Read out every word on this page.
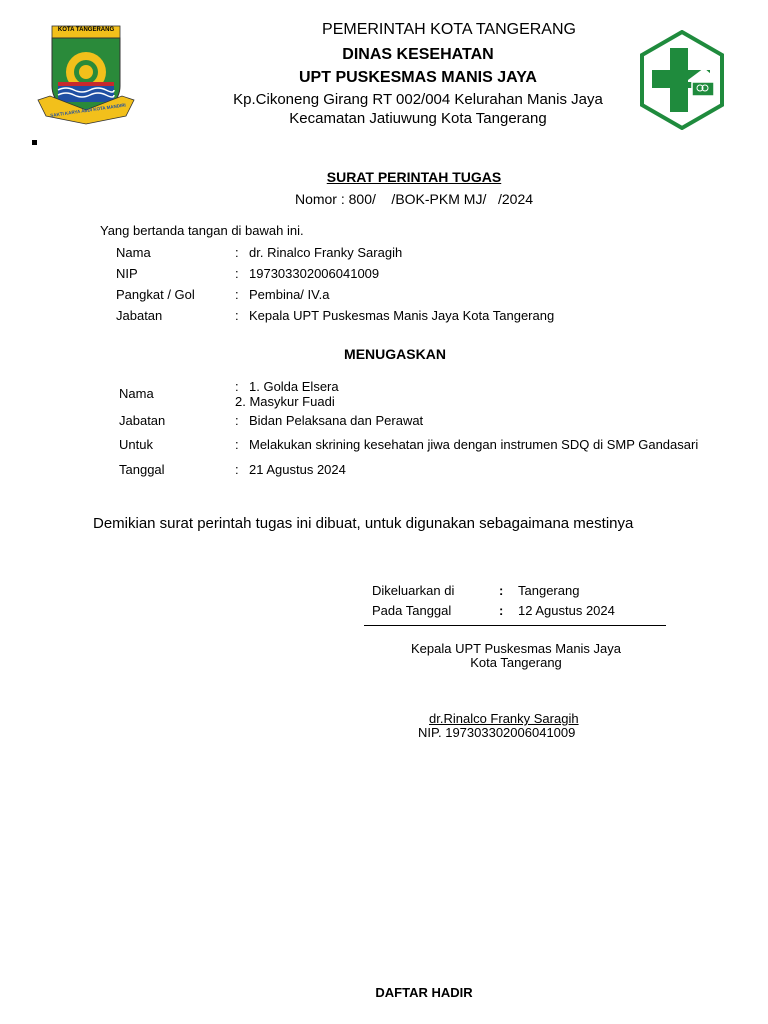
KOTA TANGERANG
SAKTI KARYA ABDI KOTA MANDIRI
PEMERINTAH KOTA TANGERANG
DINAS KESEHATAN
UPT PUSKESMAS MANIS JAYA
Kp.Cikoneng Girang RT 002/004 Kelurahan Manis Jaya
Kecamatan Jatiuwung Kota Tangerang
SURAT PERINTAH TUGAS
Nomor : 800/    /BOK-PKM MJ/   /2024
Yang bertanda tangan di bawah ini.
Nama	: dr. Rinalco Franky Saragih
NIP	: 197303302006041009
Pangkat / Gol	: Pembina/ IV.a
Jabatan	: Kepala UPT Puskesmas Manis Jaya Kota Tangerang
MENUGASKAN
Nama	: 1. Golda Elsera
2. Masykur Fuadi
Jabatan	: Bidan Pelaksana dan Perawat
Untuk	: Melakukan skrining kesehatan jiwa dengan instrumen SDQ di SMP Gandasari
Tanggal	: 21 Agustus 2024
Demikian surat perintah tugas ini dibuat, untuk digunakan sebagaimana mestinya
Dikeluarkan di	: Tangerang
Pada Tanggal	: 12 Agustus 2024
Kepala UPT Puskesmas Manis Jaya
Kota Tangerang
dr.Rinalco Franky Saragih
NIP. 197303302006041009
DAFTAR HADIR
